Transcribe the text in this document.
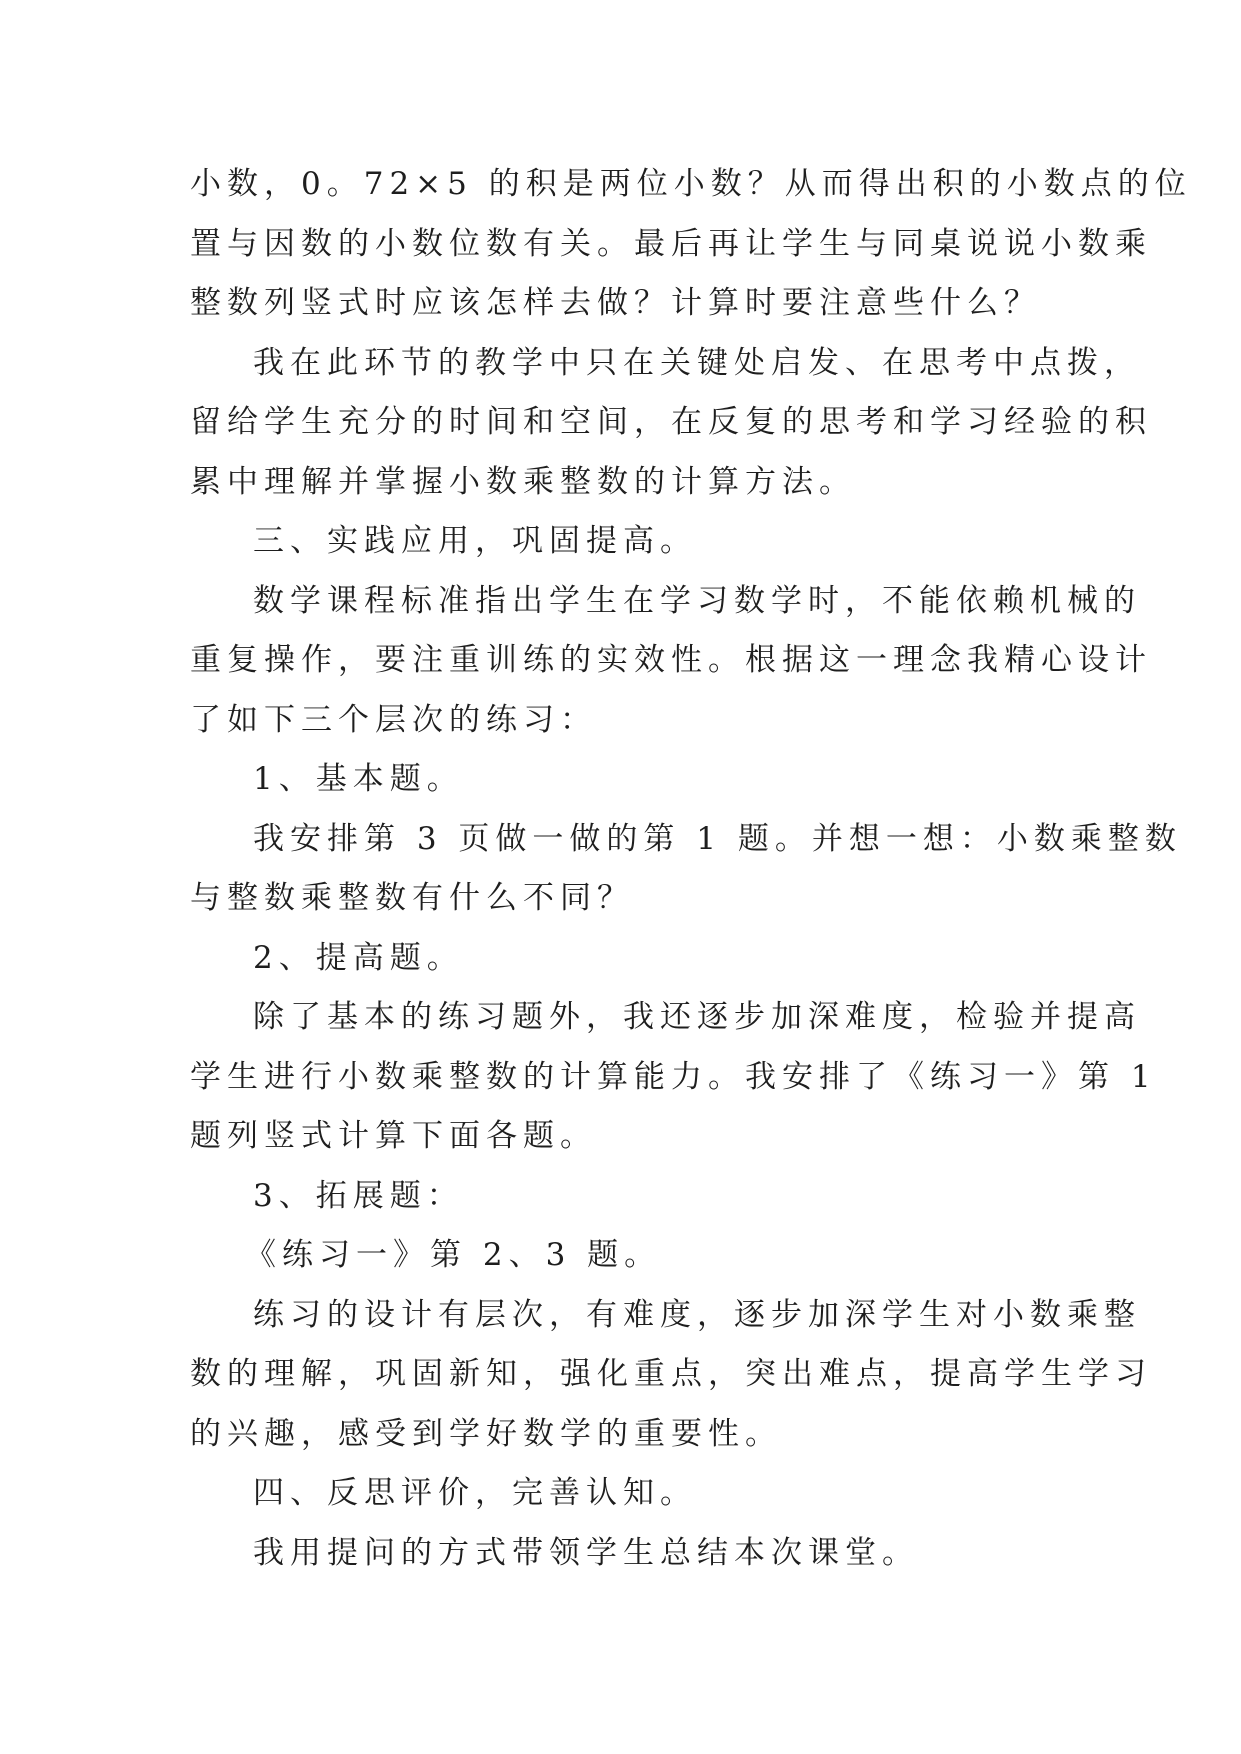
小数，0。72×5 的积是两位小数？从而得出积的小数点的位
置与因数的小数位数有关。最后再让学生与同桌说说小数乘
整数列竖式时应该怎样去做？计算时要注意些什么？
我在此环节的教学中只在关键处启发、在思考中点拨，
留给学生充分的时间和空间，在反复的思考和学习经验的积
累中理解并掌握小数乘整数的计算方法。
三、实践应用，巩固提高。
数学课程标准指出学生在学习数学时，不能依赖机械的
重复操作，要注重训练的实效性。根据这一理念我精心设计
了如下三个层次的练习：
1、基本题。
我安排第 3 页做一做的第 1 题。并想一想：小数乘整数
与整数乘整数有什么不同？
2、提高题。
除了基本的练习题外，我还逐步加深难度，检验并提高
学生进行小数乘整数的计算能力。我安排了《练习一》第 1
题列竖式计算下面各题。
3、拓展题：
《练习一》第 2、3 题。
练习的设计有层次，有难度，逐步加深学生对小数乘整
数的理解，巩固新知，强化重点，突出难点，提高学生学习
的兴趣，感受到学好数学的重要性。
四、反思评价，完善认知。
我用提问的方式带领学生总结本次课堂。
